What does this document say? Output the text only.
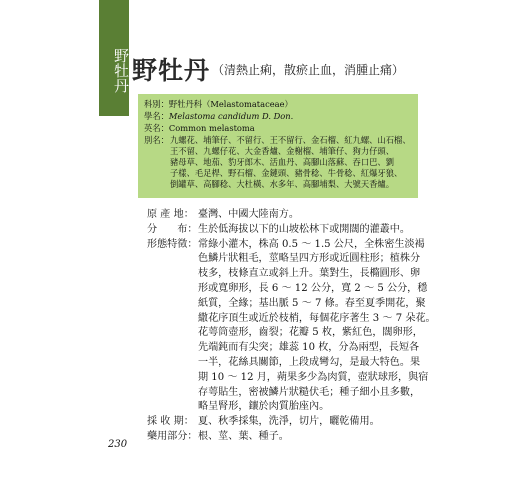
野牡丹 野牡丹 （清熱止痢，散瘀止血，消腫止痛）
科別：野牡丹科（Melastomataceae）
學名：Melastoma candidum D. Don.
英名：Common melastoma
別名： 九螺花、埔筆仔、不留行、王不留行、金石榴、紅九螺、山石榴、
王不留、九螺仔花、大金香爐、金榭榴、埔筆仔、狗力仔頭、
豬母草、地茄、豹牙郎木、活血丹、高腳山落蘇、吞口巴、劉
子樣、毛足桿、野石榴、金鏈頭、豬骨稔、牛骨稔、紅爆牙狼、
倒罐草、高腳稔、大杜橫、水多年、高腳埔梨、大號天香爐。
原 產 地： 臺灣、中國大陸南方。
分　　布： 生於低海拔以下的山坡松林下或開闊的灌叢中。
形態特徵： 常綠小灌木，株高 0.5 ～ 1.5 公尺，全株密生淡褐
色鱗片狀粗毛，莖略呈四方形或近圓柱形；植株分
枝多，枝條直立或斜上升。葉對生，長橢圓形、卵
形或寬卵形，長 6 ～ 12 公分，寬 2 ～ 5 公分，穩
紙質，全緣；基出脈 5 ～ 7 條。春至夏季開花，聚
繖花序頂生或近於枝梢，每個花序著生 3 ～ 7 朵花。
花萼筒壺形，齒裂；花瓣 5 枚，紫紅色，闊卵形，
先端鈍而有尖突；雄蕊 10 枚，分為兩型，長短各
一半，花絲具關節，上段成彎勾，是最大特色。果
期 10 ～ 12 月，蒴果多少為肉質，壺狀球形，與宿
存萼貼生，密被鱗片狀糙伏毛；種子細小且多數，
略呈腎形，鑲於肉質胎座內。
採 收 期： 夏、秋季採集，洗淨，切片，曬乾備用。
藥用部分： 根、莖、葉、種子。
230
